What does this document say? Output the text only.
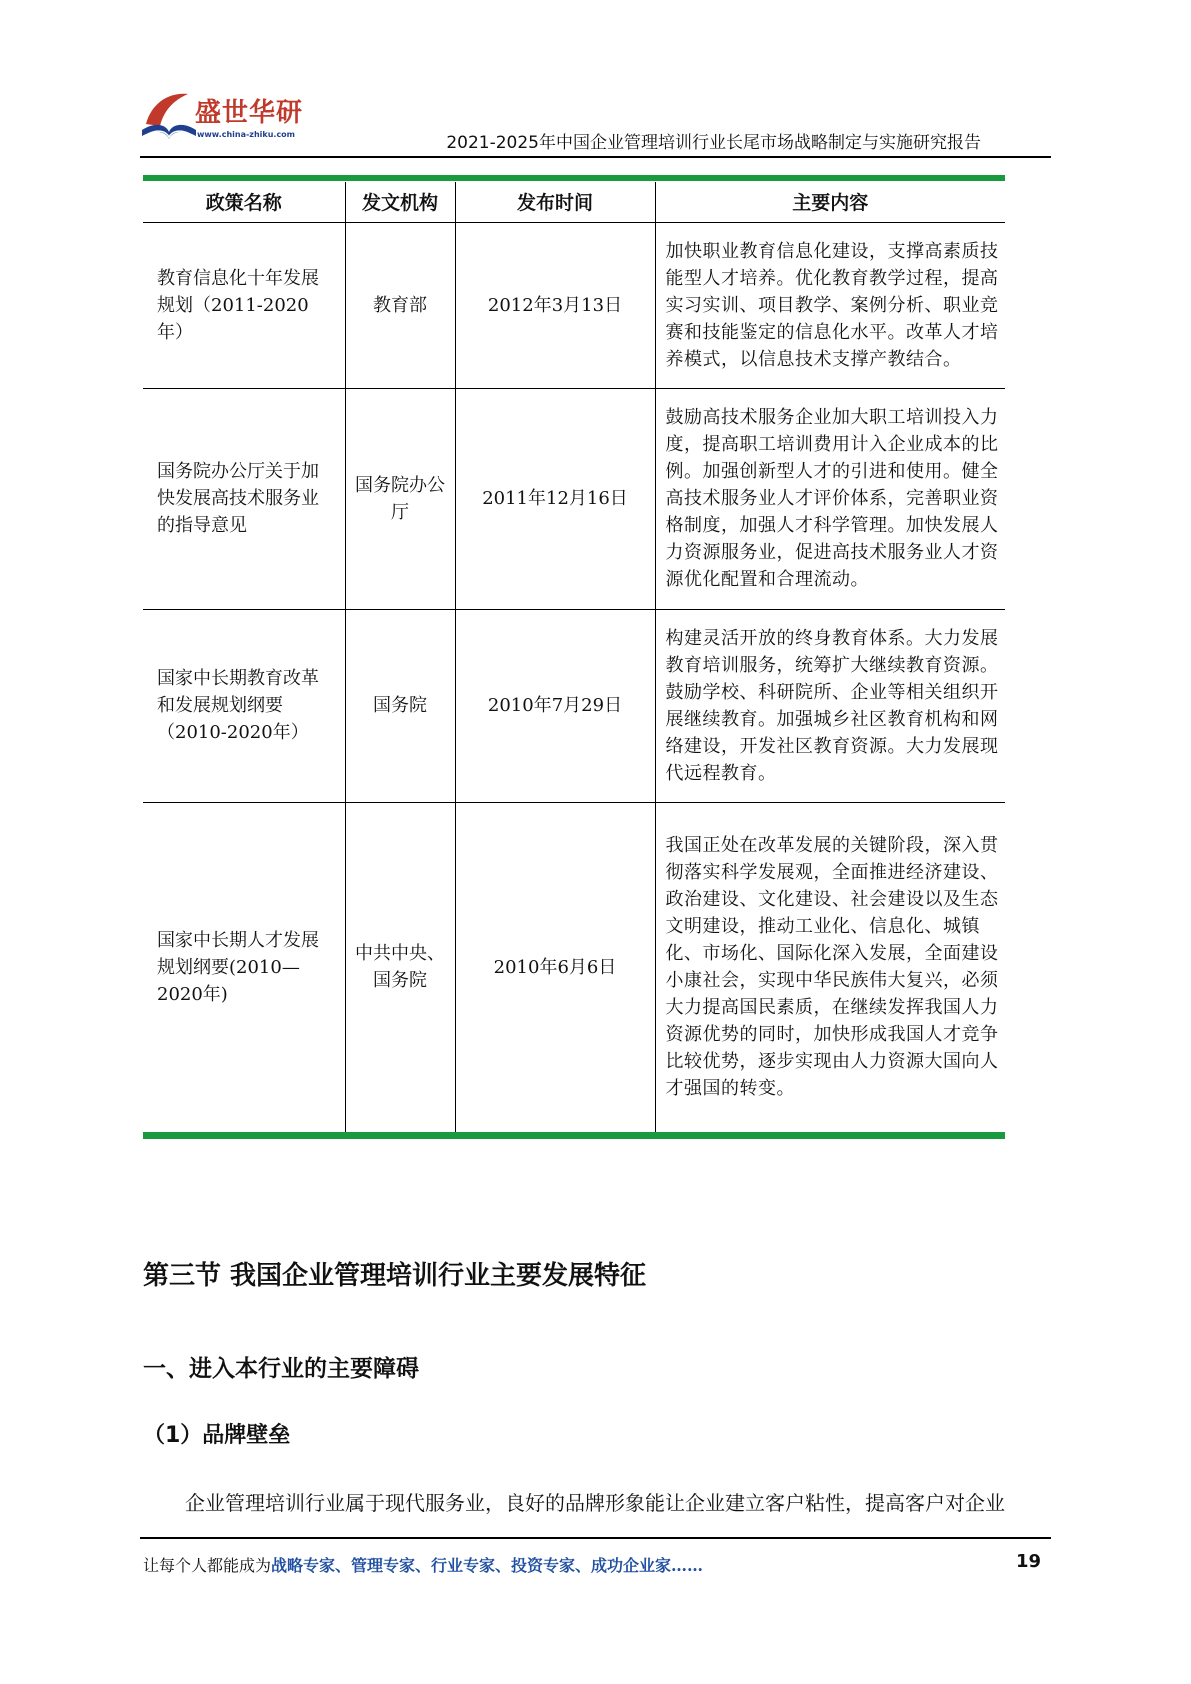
盛世华研
www.china-zhiku.com	2021-2025年中国企业管理培训行业长尾市场战略制定与实施研究报告
政策名称	发文机构	发布时间	主要内容
教育信息化十年发展规划（2011-2020年）	教育部	2012年3月13日	加快职业教育信息化建设，支撑高素质技能型人才培养。优化教育教学过程，提高实习实训、项目教学、案例分析、职业竞赛和技能鉴定的信息化水平。改革人才培养模式，以信息技术支撑产教结合。
国务院办公厅关于加快发展高技术服务业的指导意见	国务院办公厅	2011年12月16日	鼓励高技术服务企业加大职工培训投入力度，提高职工培训费用计入企业成本的比例。加强创新型人才的引进和使用。健全高技术服务业人才评价体系，完善职业资格制度，加强人才科学管理。加快发展人力资源服务业，促进高技术服务业人才资源优化配置和合理流动。
国家中长期教育改革和发展规划纲要（2010-2020年）	国务院	2010年7月29日	构建灵活开放的终身教育体系。大力发展教育培训服务，统筹扩大继续教育资源。鼓励学校、科研院所、企业等相关组织开展继续教育。加强城乡社区教育机构和网络建设，开发社区教育资源。大力发展现代远程教育。
国家中长期人才发展规划纲要(2010—2020年)	中共中央、国务院	2010年6月6日	我国正处在改革发展的关键阶段，深入贯彻落实科学发展观，全面推进经济建设、政治建设、文化建设、社会建设以及生态文明建设，推动工业化、信息化、城镇化、市场化、国际化深入发展，全面建设小康社会，实现中华民族伟大复兴，必须大力提高国民素质，在继续发挥我国人力资源优势的同时，加快形成我国人才竞争比较优势，逐步实现由人力资源大国向人才强国的转变。
第三节 我国企业管理培训行业主要发展特征
一、进入本行业的主要障碍
（1）品牌壁垒
企业管理培训行业属于现代服务业，良好的品牌形象能让企业建立客户粘性，提高客户对企业
让每个人都能成为战略专家、管理专家、行业专家、投资专家、成功企业家……	19
